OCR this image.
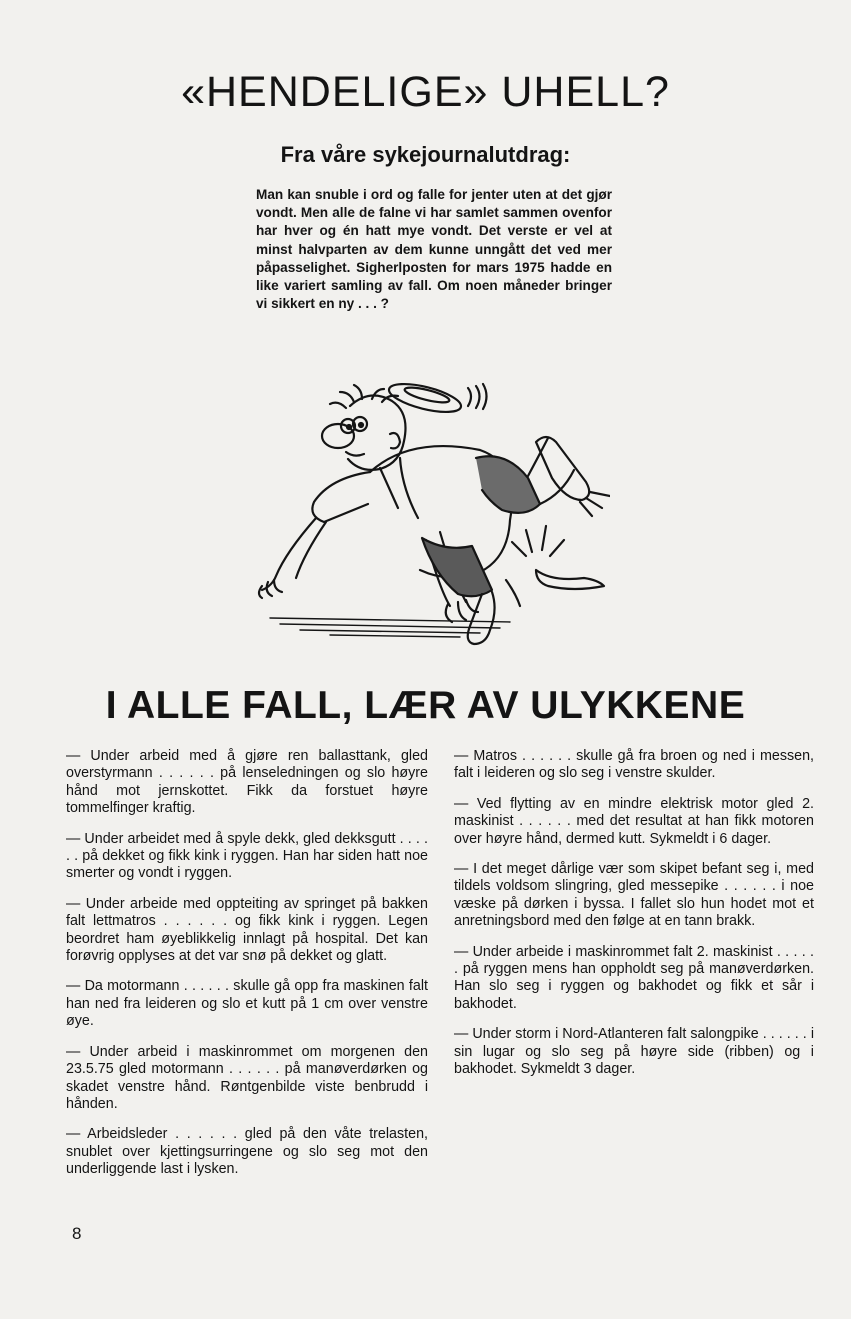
«HENDELIGE» UHELL?
Fra våre sykejournalutdrag:

Man kan snuble i ord og falle for jenter uten at det gjør vondt. Men alle de falne vi har samlet sammen ovenfor har hver og én hatt mye vondt. Det verste er vel at minst halvparten av dem kunne unngått det ved mer påpasselighet. Sigherlposten for mars 1975 hadde en like variert samling av fall. Om noen måneder bringer vi sikkert en ny . . . ?

I ALLE FALL, LÆR AV ULYKKENE

— Under arbeid med å gjøre ren ballasttank, gled overstyrmann . . . . . . på lenseledningen og slo høyre hånd mot jernskottet. Fikk da forstuet høyre tommelfinger kraftig.

— Under arbeidet med å spyle dekk, gled dekksgutt . . . . . . på dekket og fikk kink i ryggen. Han har siden hatt noe smerter og vondt i ryggen.

— Under arbeide med oppteiting av springet på bakken falt lettmatros . . . . . . og fikk kink i ryggen. Legen beordret ham øyeblikkelig innlagt på hospital. Det kan forøvrig opplyses at det var snø på dekket og glatt.

— Da motormann . . . . . . skulle gå opp fra maskinen falt han ned fra leideren og slo et kutt på 1 cm over venstre øye.

— Under arbeid i maskinrommet om morgenen den 23.5.75 gled motormann . . . . . . på manøverdørken og skadet venstre hånd. Røntgenbilde viste benbrudd i hånden.

— Arbeidsleder . . . . . . gled på den våte trelasten, snublet over kjettingsurringene og slo seg mot den underliggende last i lysken.

— Matros . . . . . . skulle gå fra broen og ned i messen, falt i leideren og slo seg i venstre skulder.

— Ved flytting av en mindre elektrisk motor gled 2. maskinist . . . . . . med det resultat at han fikk motoren over høyre hånd, dermed kutt. Sykmeldt i 6 dager.

— I det meget dårlige vær som skipet befant seg i, med tildels voldsom slingring, gled messepike . . . . . . i noe væske på dørken i byssa. I fallet slo hun hodet mot et anretningsbord med den følge at en tann brakk.

— Under arbeide i maskinrommet falt 2. maskinist . . . . . . på ryggen mens han oppholdt seg på manøverdørken. Han slo seg i ryggen og bakhodet og fikk et sår i bakhodet.

— Under storm i Nord-Atlanteren falt salongpike . . . . . . i sin lugar og slo seg på høyre side (ribben) og i bakhodet. Sykmeldt 3 dager.

8
